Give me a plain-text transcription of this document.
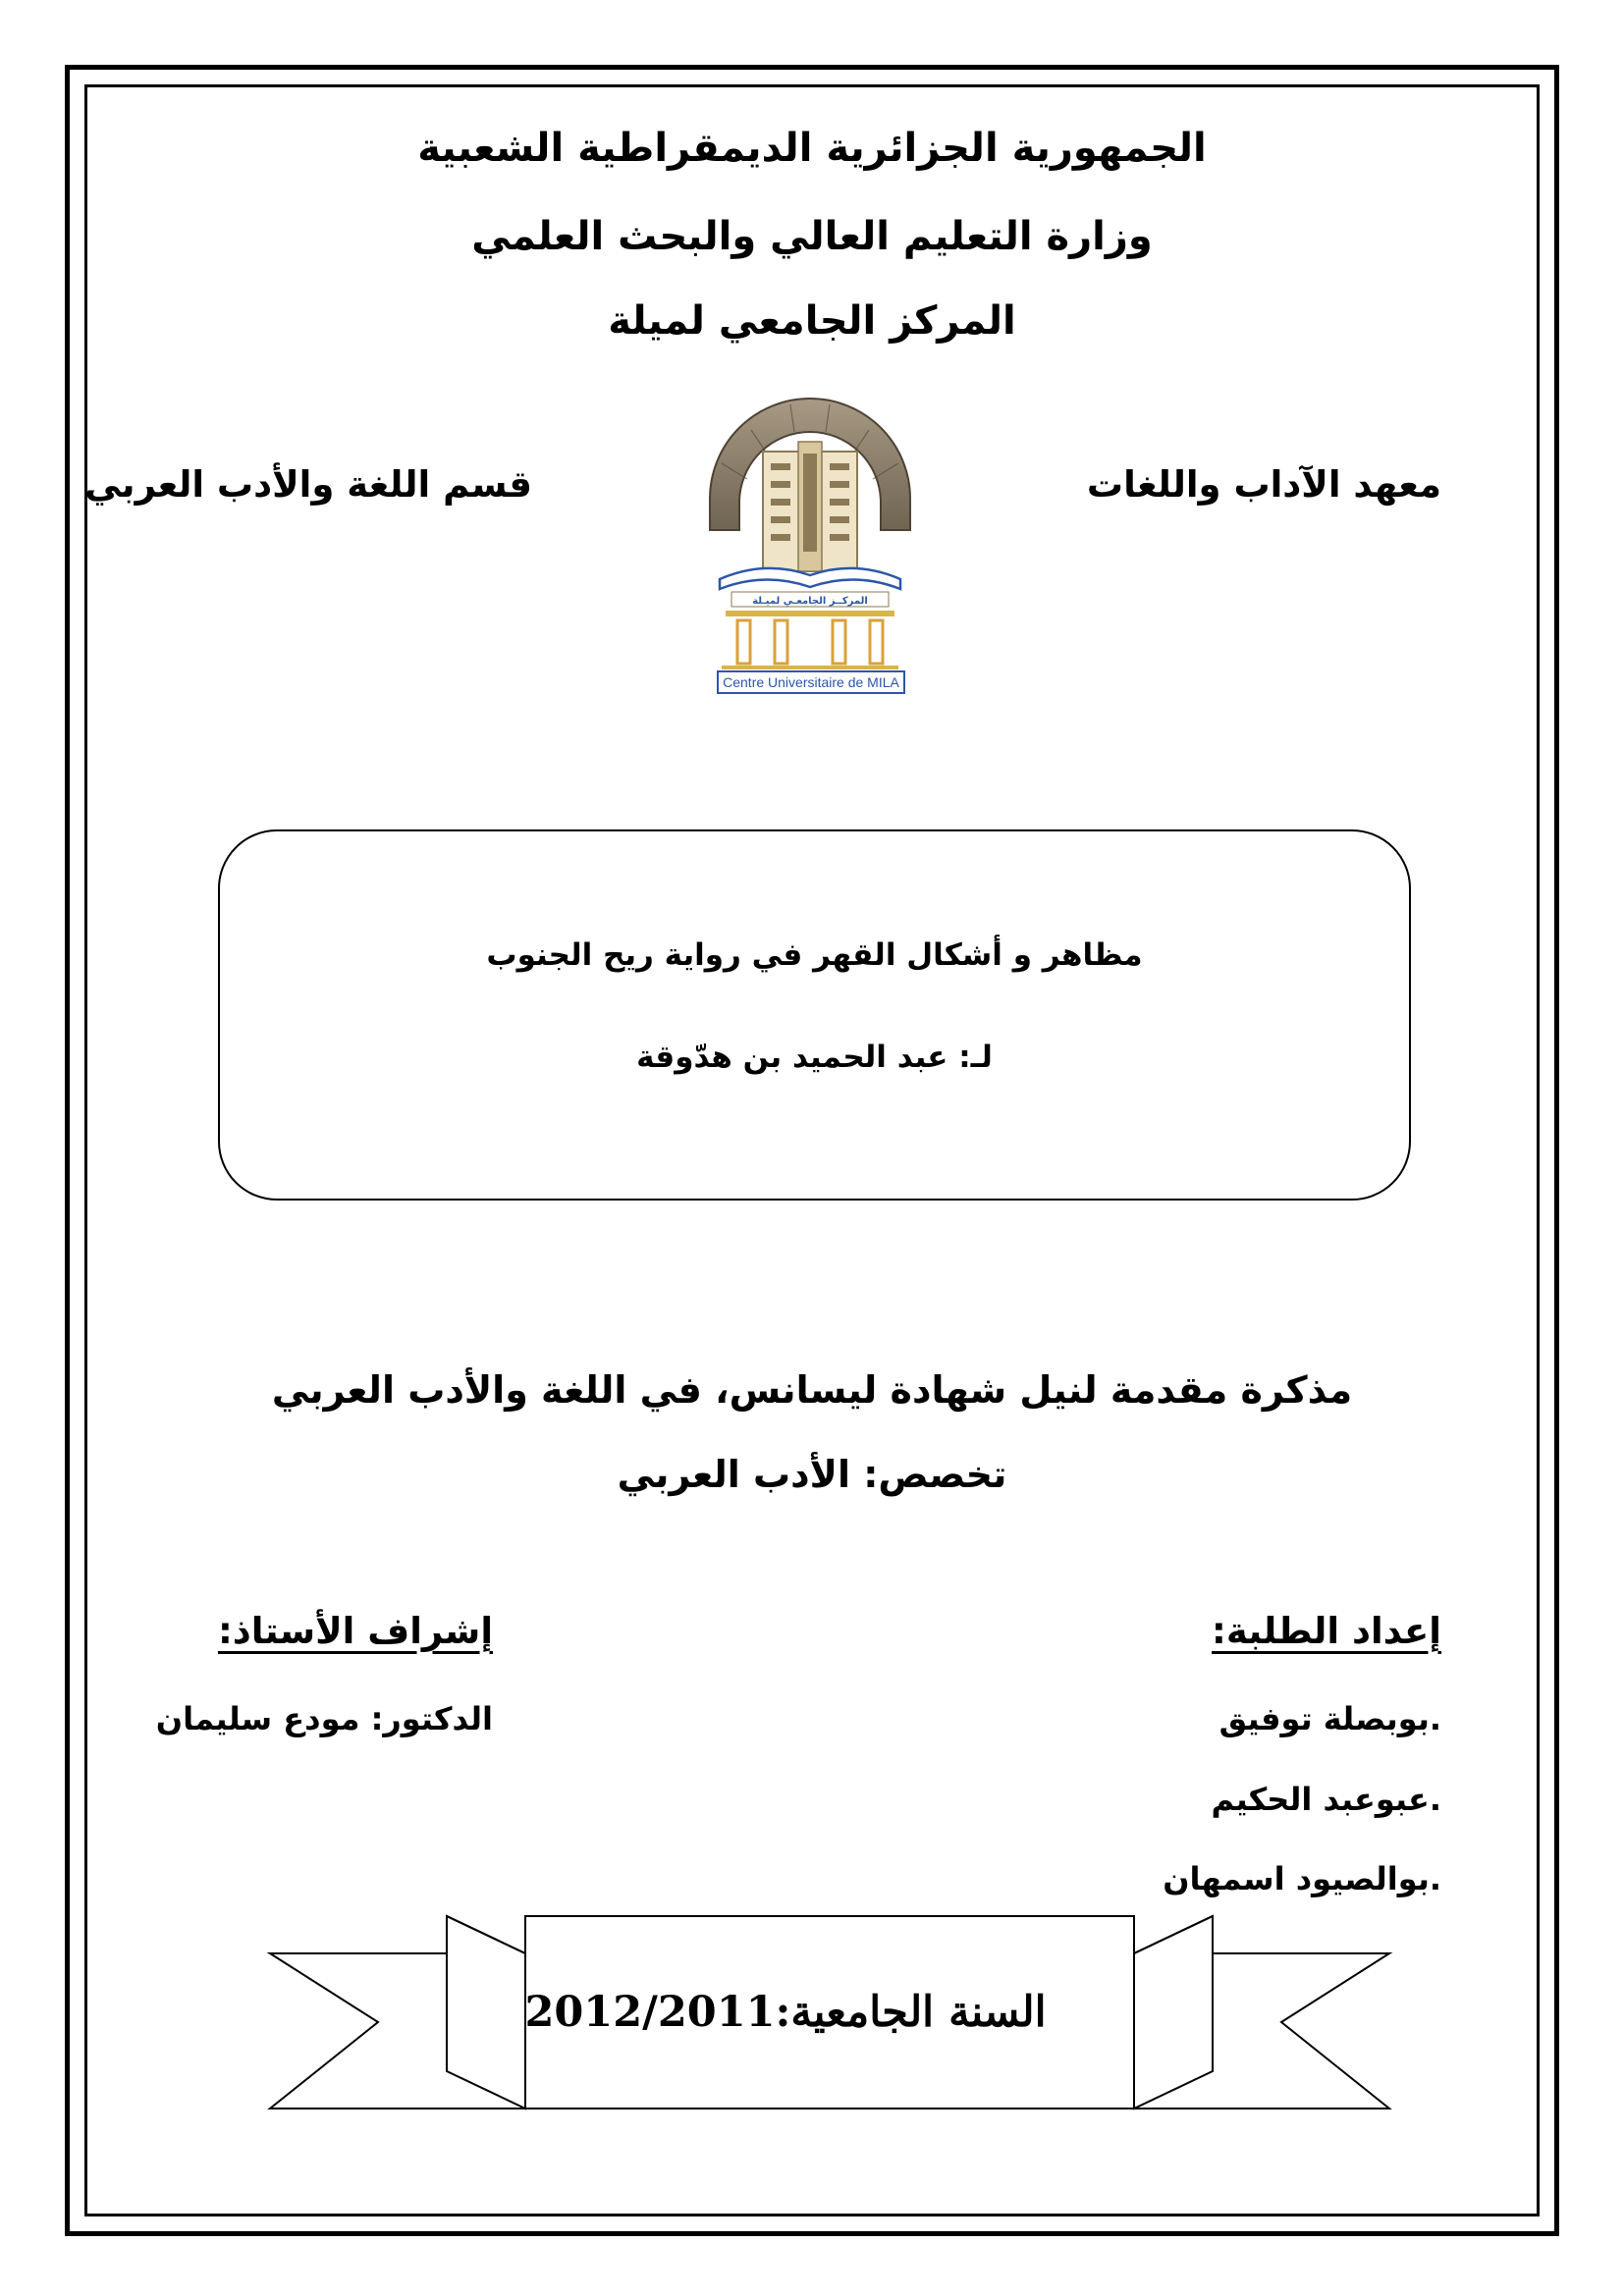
الجمهورية الجزائرية الديمقراطية الشعبية
وزارة التعليم العالي والبحث العلمي
المركز الجامعي لميلة
معهد الآداب واللغات
قسم اللغة والأدب العربي
المركــز الجامعـي لميـلة
Centre Universitaire de MILA
مظاهر و أشكال القهر في رواية ريح الجنوب
لـ: عبد الحميد بن هدّوقة
مذكرة مقدمة لنيل شهادة ليسانس، في اللغة والأدب العربي
تخصص: الأدب العربي
إعداد الطلبة:
.بوبصلة توفيق
.عبوعبد الحكيم
.بوالصيود اسمهان
إشراف الأستاذ:
الدكتور: مودع سليمان
السنة الجامعية:2012/2011
